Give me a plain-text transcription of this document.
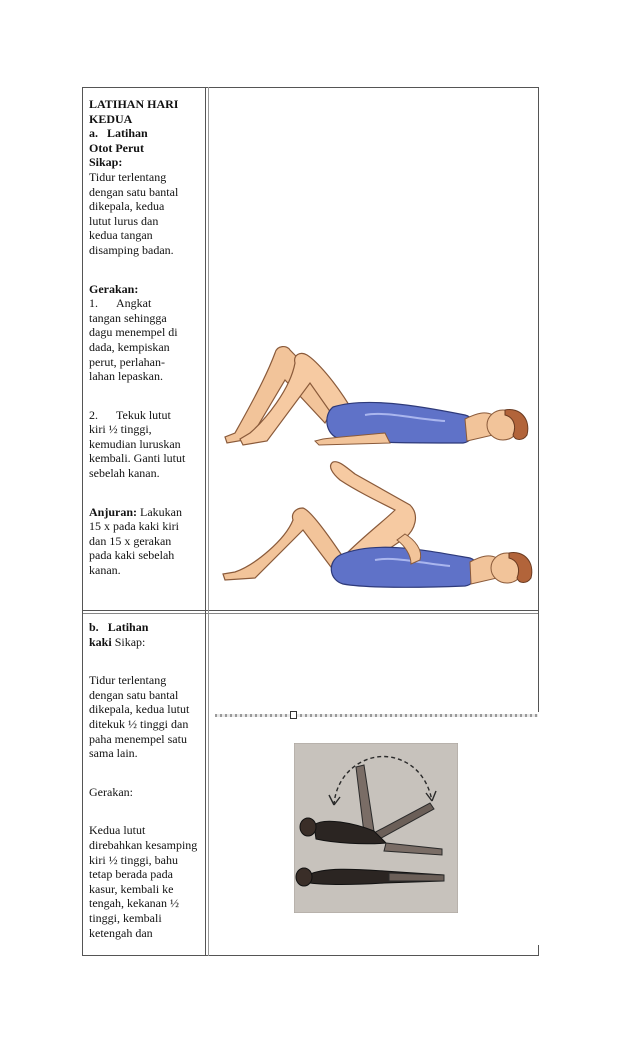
LATIHAN HARI

KEDUA

a. Latihan

Otot Perut

Sikap:

Tidur terlentang

dengan satu bantal

dikepala, kedua

lutut lurus dan

kedua tangan

disamping badan.

Gerakan:

1. Angkat

tangan sehingga

dagu menempel di

dada, kempiskan

perut, perlahan-

lahan lepaskan.

2. Tekuk lutut

kiri ½ tinggi,

kemudian luruskan

kembali. Ganti lutut

sebelah kanan.

Anjuran: Lakukan

15 x pada kaki kiri

dan 15 x gerakan

pada kaki sebelah

kanan.

b. Latihan

kaki Sikap:

Tidur terlentang

dengan satu bantal

dikepala, kedua lutut

ditekuk ½ tinggi dan

paha menempel satu

sama lain.

Gerakan:

Kedua lutut

direbahkan kesamping

kiri ½ tinggi, bahu

tetap berada pada

kasur, kembali ke

tengah, kekanan ½

tinggi, kembali

ketengah dan
